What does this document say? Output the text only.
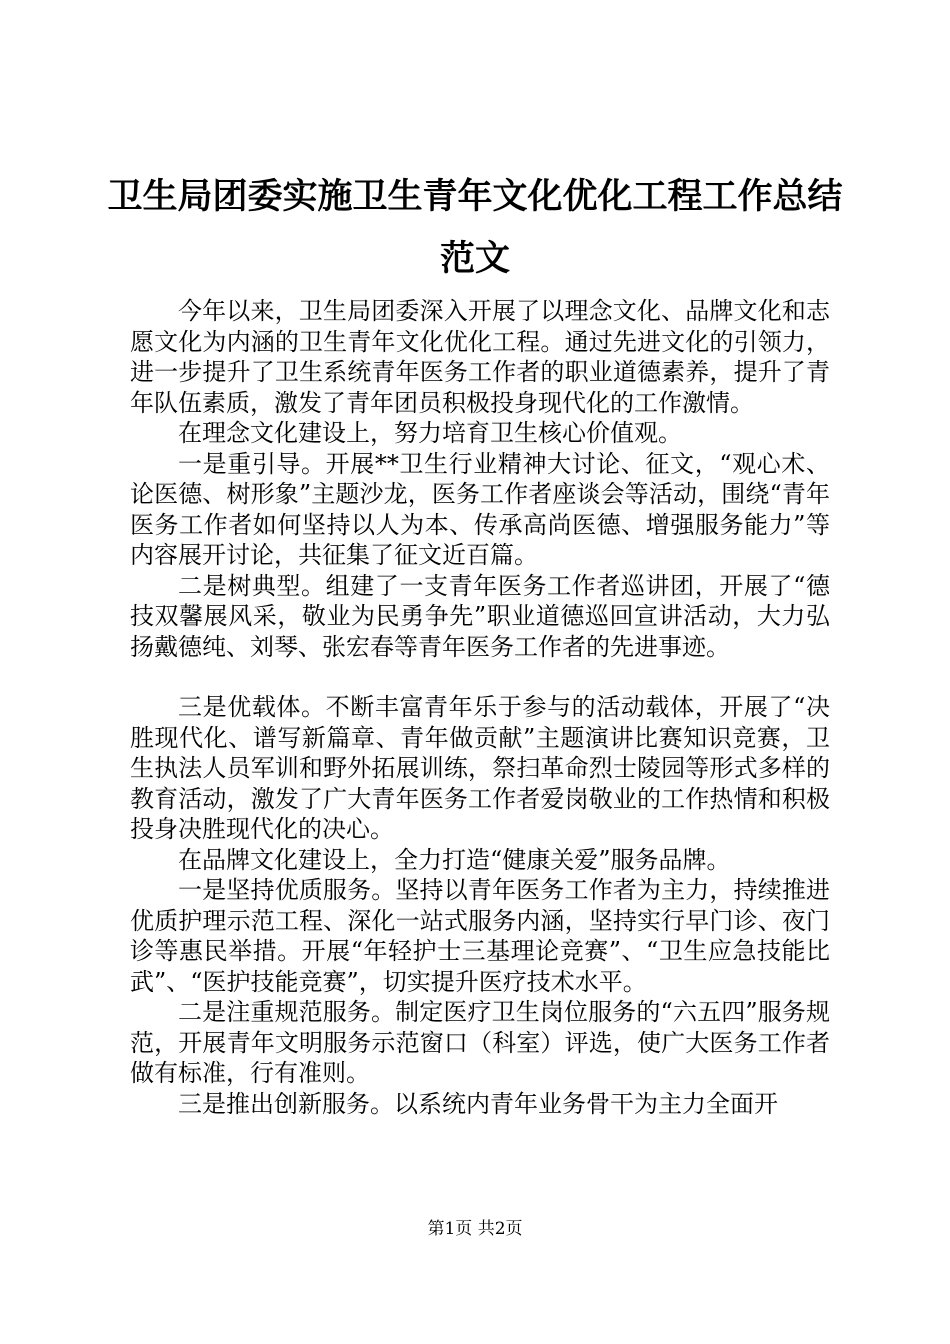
卫生局团委实施卫生青年文化优化工程工作总结范文

今年以来，卫生局团委深入开展了以理念文化、品牌文化和志愿文化为内涵的卫生青年文化优化工程。通过先进文化的引领力，进一步提升了卫生系统青年医务工作者的职业道德素养，提升了青年队伍素质，激发了青年团员积极投身现代化的工作激情。

在理念文化建设上，努力培育卫生核心价值观。

一是重引导。开展**卫生行业精神大讨论、征文，“观心术、论医德、树形象”主题沙龙，医务工作者座谈会等活动，围绕“青年医务工作者如何坚持以人为本、传承高尚医德、增强服务能力”等内容展开讨论，共征集了征文近百篇。

二是树典型。组建了一支青年医务工作者巡讲团，开展了“德技双馨展风采，敬业为民勇争先”职业道德巡回宣讲活动，大力弘扬戴德纯、刘琴、张宏春等青年医务工作者的先进事迹。

三是优载体。不断丰富青年乐于参与的活动载体，开展了“决胜现代化、谱写新篇章、青年做贡献”主题演讲比赛知识竞赛，卫生执法人员军训和野外拓展训练，祭扫革命烈士陵园等形式多样的教育活动，激发了广大青年医务工作者爱岗敬业的工作热情和积极投身决胜现代化的决心。

在品牌文化建设上，全力打造“健康关爱”服务品牌。

一是坚持优质服务。坚持以青年医务工作者为主力，持续推进优质护理示范工程、深化一站式服务内涵，坚持实行早门诊、夜门诊等惠民举措。开展“年轻护士三基理论竞赛”、“卫生应急技能比武”、“医护技能竞赛”，切实提升医疗技术水平。

二是注重规范服务。制定医疗卫生岗位服务的“六五四”服务规范，开展青年文明服务示范窗口（科室）评选，使广大医务工作者做有标准，行有准则。

三是推出创新服务。以系统内青年业务骨干为主力全面开

第1页 共2页
